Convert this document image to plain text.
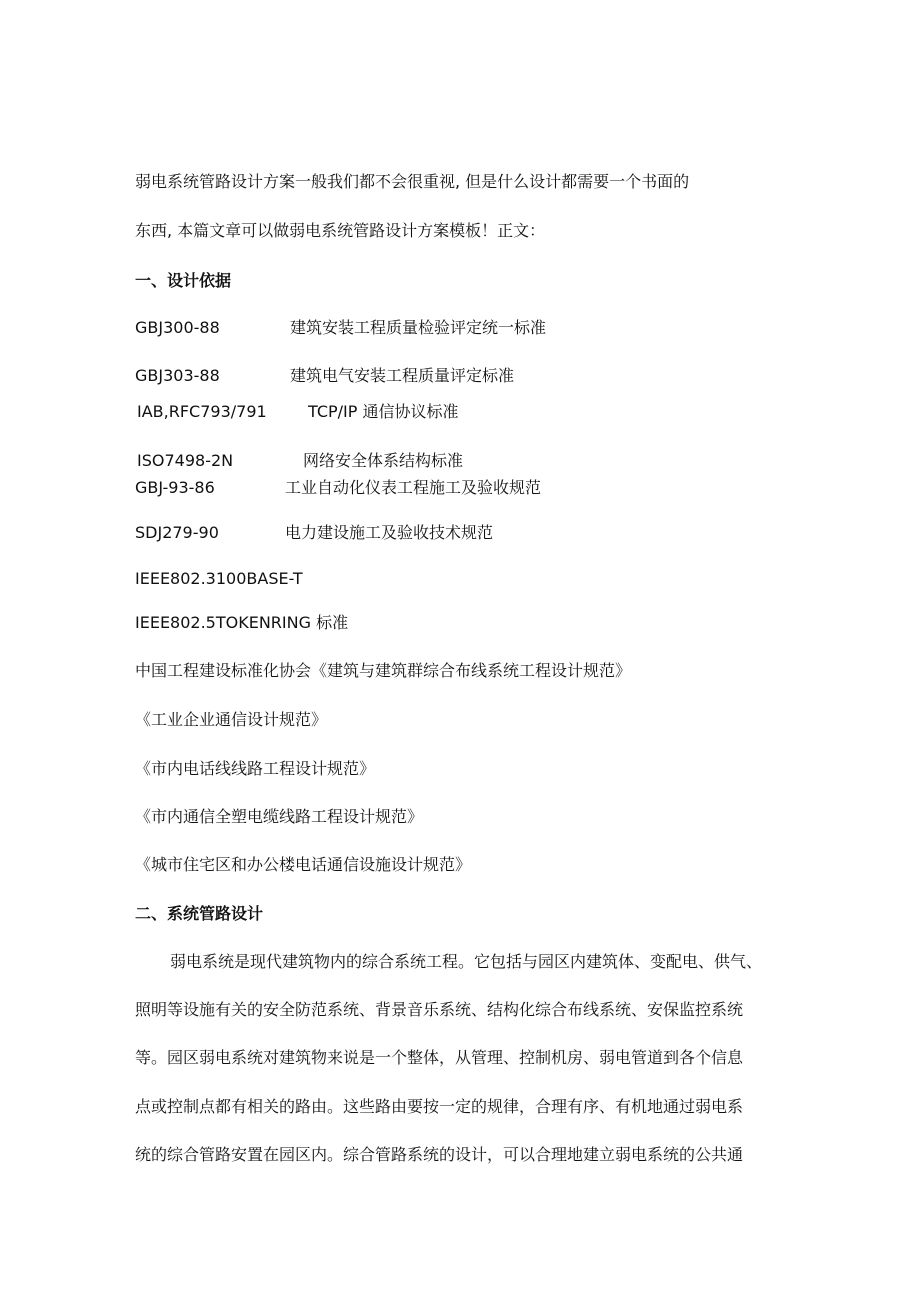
弱电系统管路设计方案一般我们都不会很重视, 但是什么设计都需要一个书面的
东西, 本篇文章可以做弱电系统管路设计方案模板！正文：
一、设计依据
GBJ300-88	建筑安装工程质量检验评定统一标准
GBJ303-88	建筑电气安装工程质量评定标准
IAB,RFC793∕791	TCP/IP 通信协议标准
ISO7498-2N	网络安全体系结构标准
GBJ-93-86	工业自动化仪表工程施工及验收规范
SDJ279-90	电力建设施工及验收技术规范
IEEE802.3100BASE-T
IEEE802.5TOKENRING 标准
中国工程建设标准化协会《建筑与建筑群综合布线系统工程设计规范》
《工业企业通信设计规范》
《市内电话线线路工程设计规范》
《市内通信全塑电缆线路工程设计规范》
《城市住宅区和办公楼电话通信设施设计规范》
二、系统管路设计
弱电系统是现代建筑物内的综合系统工程。它包括与园区内建筑体、变配电、供气、
照明等设施有关的安全防范系统、背景音乐系统、结构化综合布线系统、安保监控系统
等。园区弱电系统对建筑物来说是一个整体，从管理、控制机房、弱电管道到各个信息
点或控制点都有相关的路由。这些路由要按一定的规律，合理有序、有机地通过弱电系
统的综合管路安置在园区内。综合管路系统的设计，可以合理地建立弱电系统的公共通
